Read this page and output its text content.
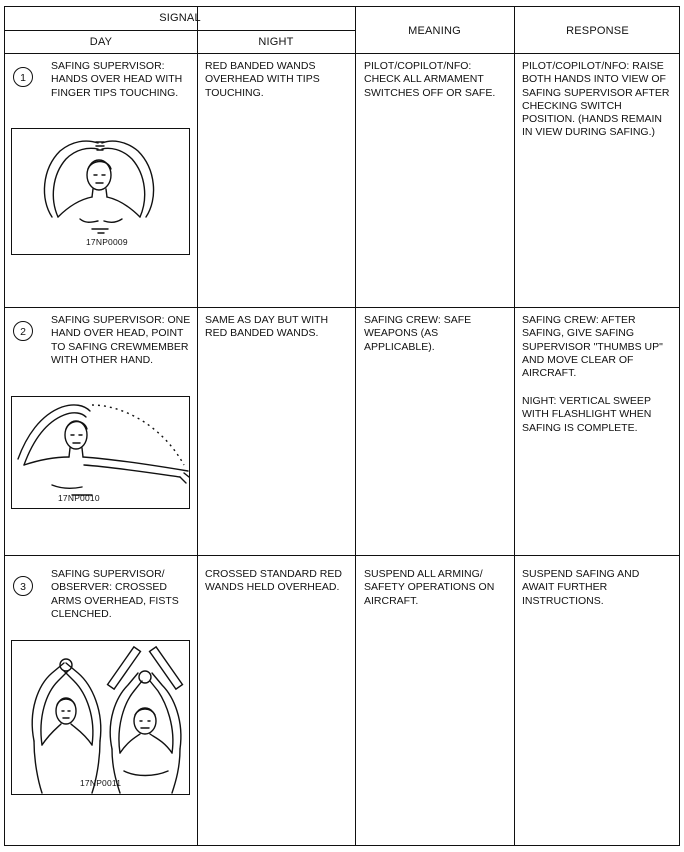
SIGNAL
DAY	NIGHT
MEANING	RESPONSE
1
SAFING SUPERVISOR: HANDS OVER HEAD WITH FINGER TIPS TOUCHING.
17NP0009
RED BANDED WANDS OVERHEAD WITH TIPS TOUCHING.
PILOT/COPILOT/NFO: CHECK ALL ARMAMENT SWITCHES OFF OR SAFE.
PILOT/COPILOT/NFO: RAISE BOTH HANDS INTO VIEW OF SAFING SUPERVISOR AFTER CHECKING SWITCH POSITION. (HANDS REMAIN IN VIEW DURING SAFING.)
2
SAFING SUPERVISOR: ONE HAND OVER HEAD, POINT TO SAFING CREWMEMBER WITH OTHER HAND.
17NP0010
SAME AS DAY BUT WITH RED BANDED WANDS.
SAFING CREW: SAFE WEAPONS (AS APPLICABLE).
SAFING CREW: AFTER SAFING, GIVE SAFING SUPERVISOR "THUMBS UP" AND MOVE CLEAR OF AIRCRAFT.
NIGHT: VERTICAL SWEEP WITH FLASHLIGHT WHEN SAFING IS COMPLETE.
3
SAFING SUPERVISOR/ OBSERVER: CROSSED ARMS OVERHEAD, FISTS CLENCHED.
17NP0011
CROSSED STANDARD RED WANDS HELD OVERHEAD.
SUSPEND ALL ARMING/ SAFETY OPERATIONS ON AIRCRAFT.
SUSPEND SAFING AND AWAIT FURTHER INSTRUCTIONS.
